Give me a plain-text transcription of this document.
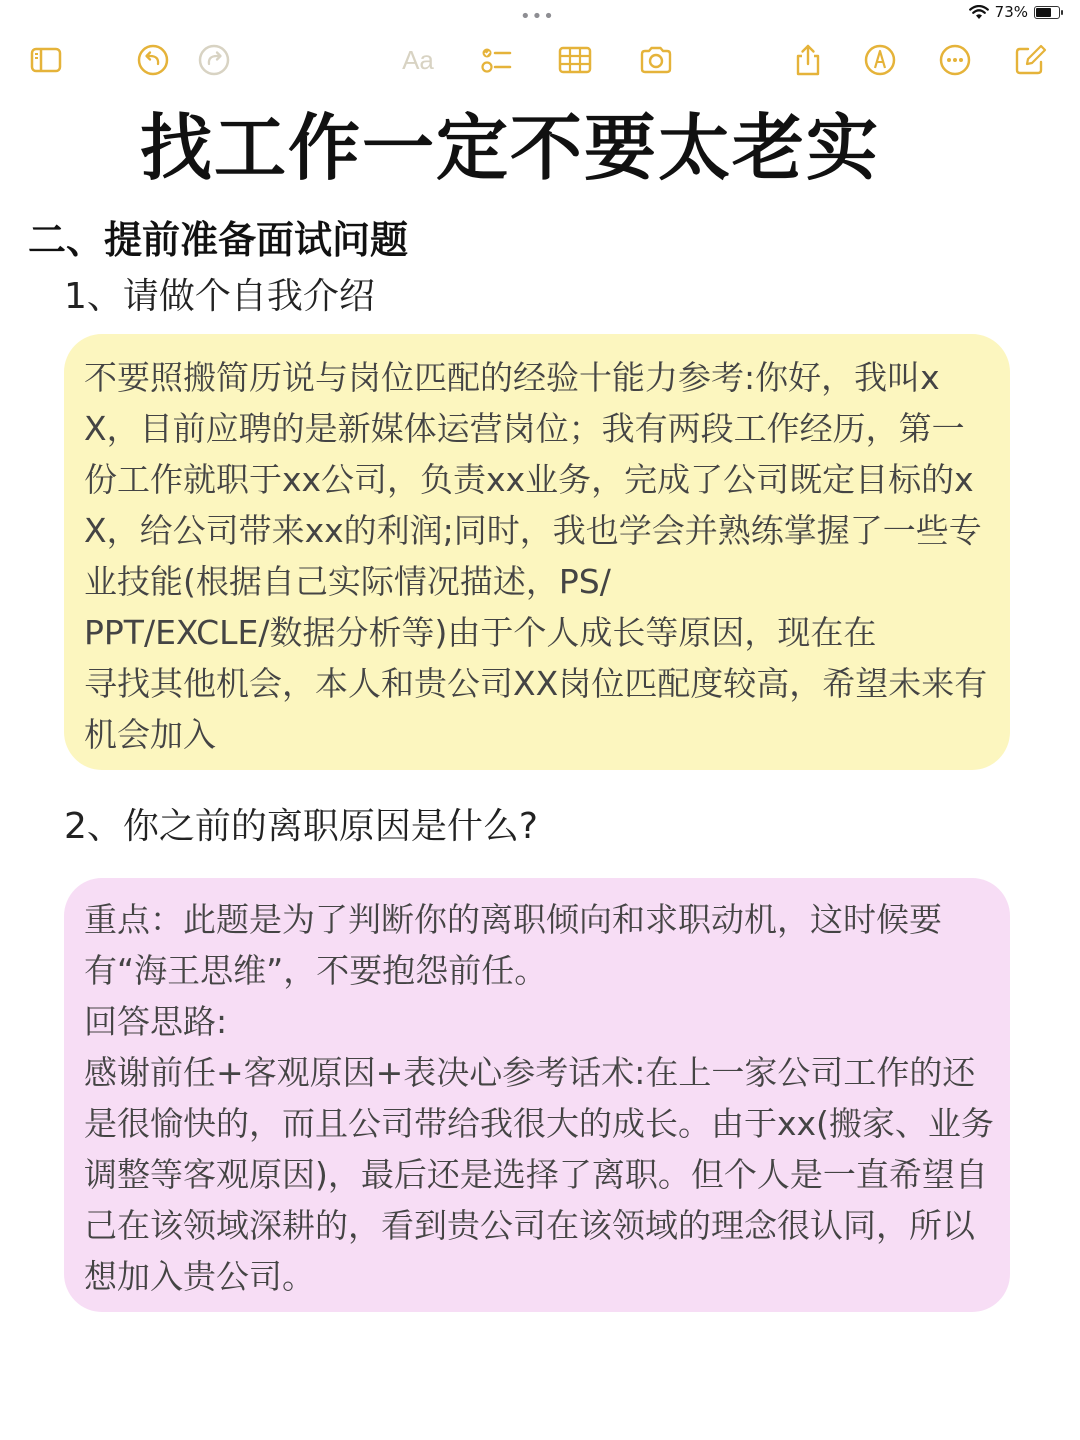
•••	73%
Aa
找工作一定不要太老实
二、提前准备面试问题
1、请做个自我介绍

不要照搬简历说与岗位匹配的经验十能力参考:你好，我叫xX，目前应聘的是新媒体运营岗位；我有两段工作经历，第一份工作就职于xx公司，负责xx业务，完成了公司既定目标的xX，给公司带来xx的利润;同时，我也学会并熟练掌握了一些专业技能(根据自己实际情况描述，PS/
PPT/EXCLE/数据分析等)由于个人成长等原因，现在在
寻找其他机会，本人和贵公司XX岗位匹配度较高，希望未来有机会加入

2、你之前的离职原因是什么?

重点：此题是为了判断你的离职倾向和求职动机，这时候要有“海王思维”，不要抱怨前任。
回答思路:
感谢前任+客观原因+表决心参考话术:在上一家公司工作的还是很愉快的，而且公司带给我很大的成长。由于xx(搬家、业务调整等客观原因)，最后还是选择了离职。但个人是一直希望自己在该领域深耕的，看到贵公司在该领域的理念很认同，所以想加入贵公司。
